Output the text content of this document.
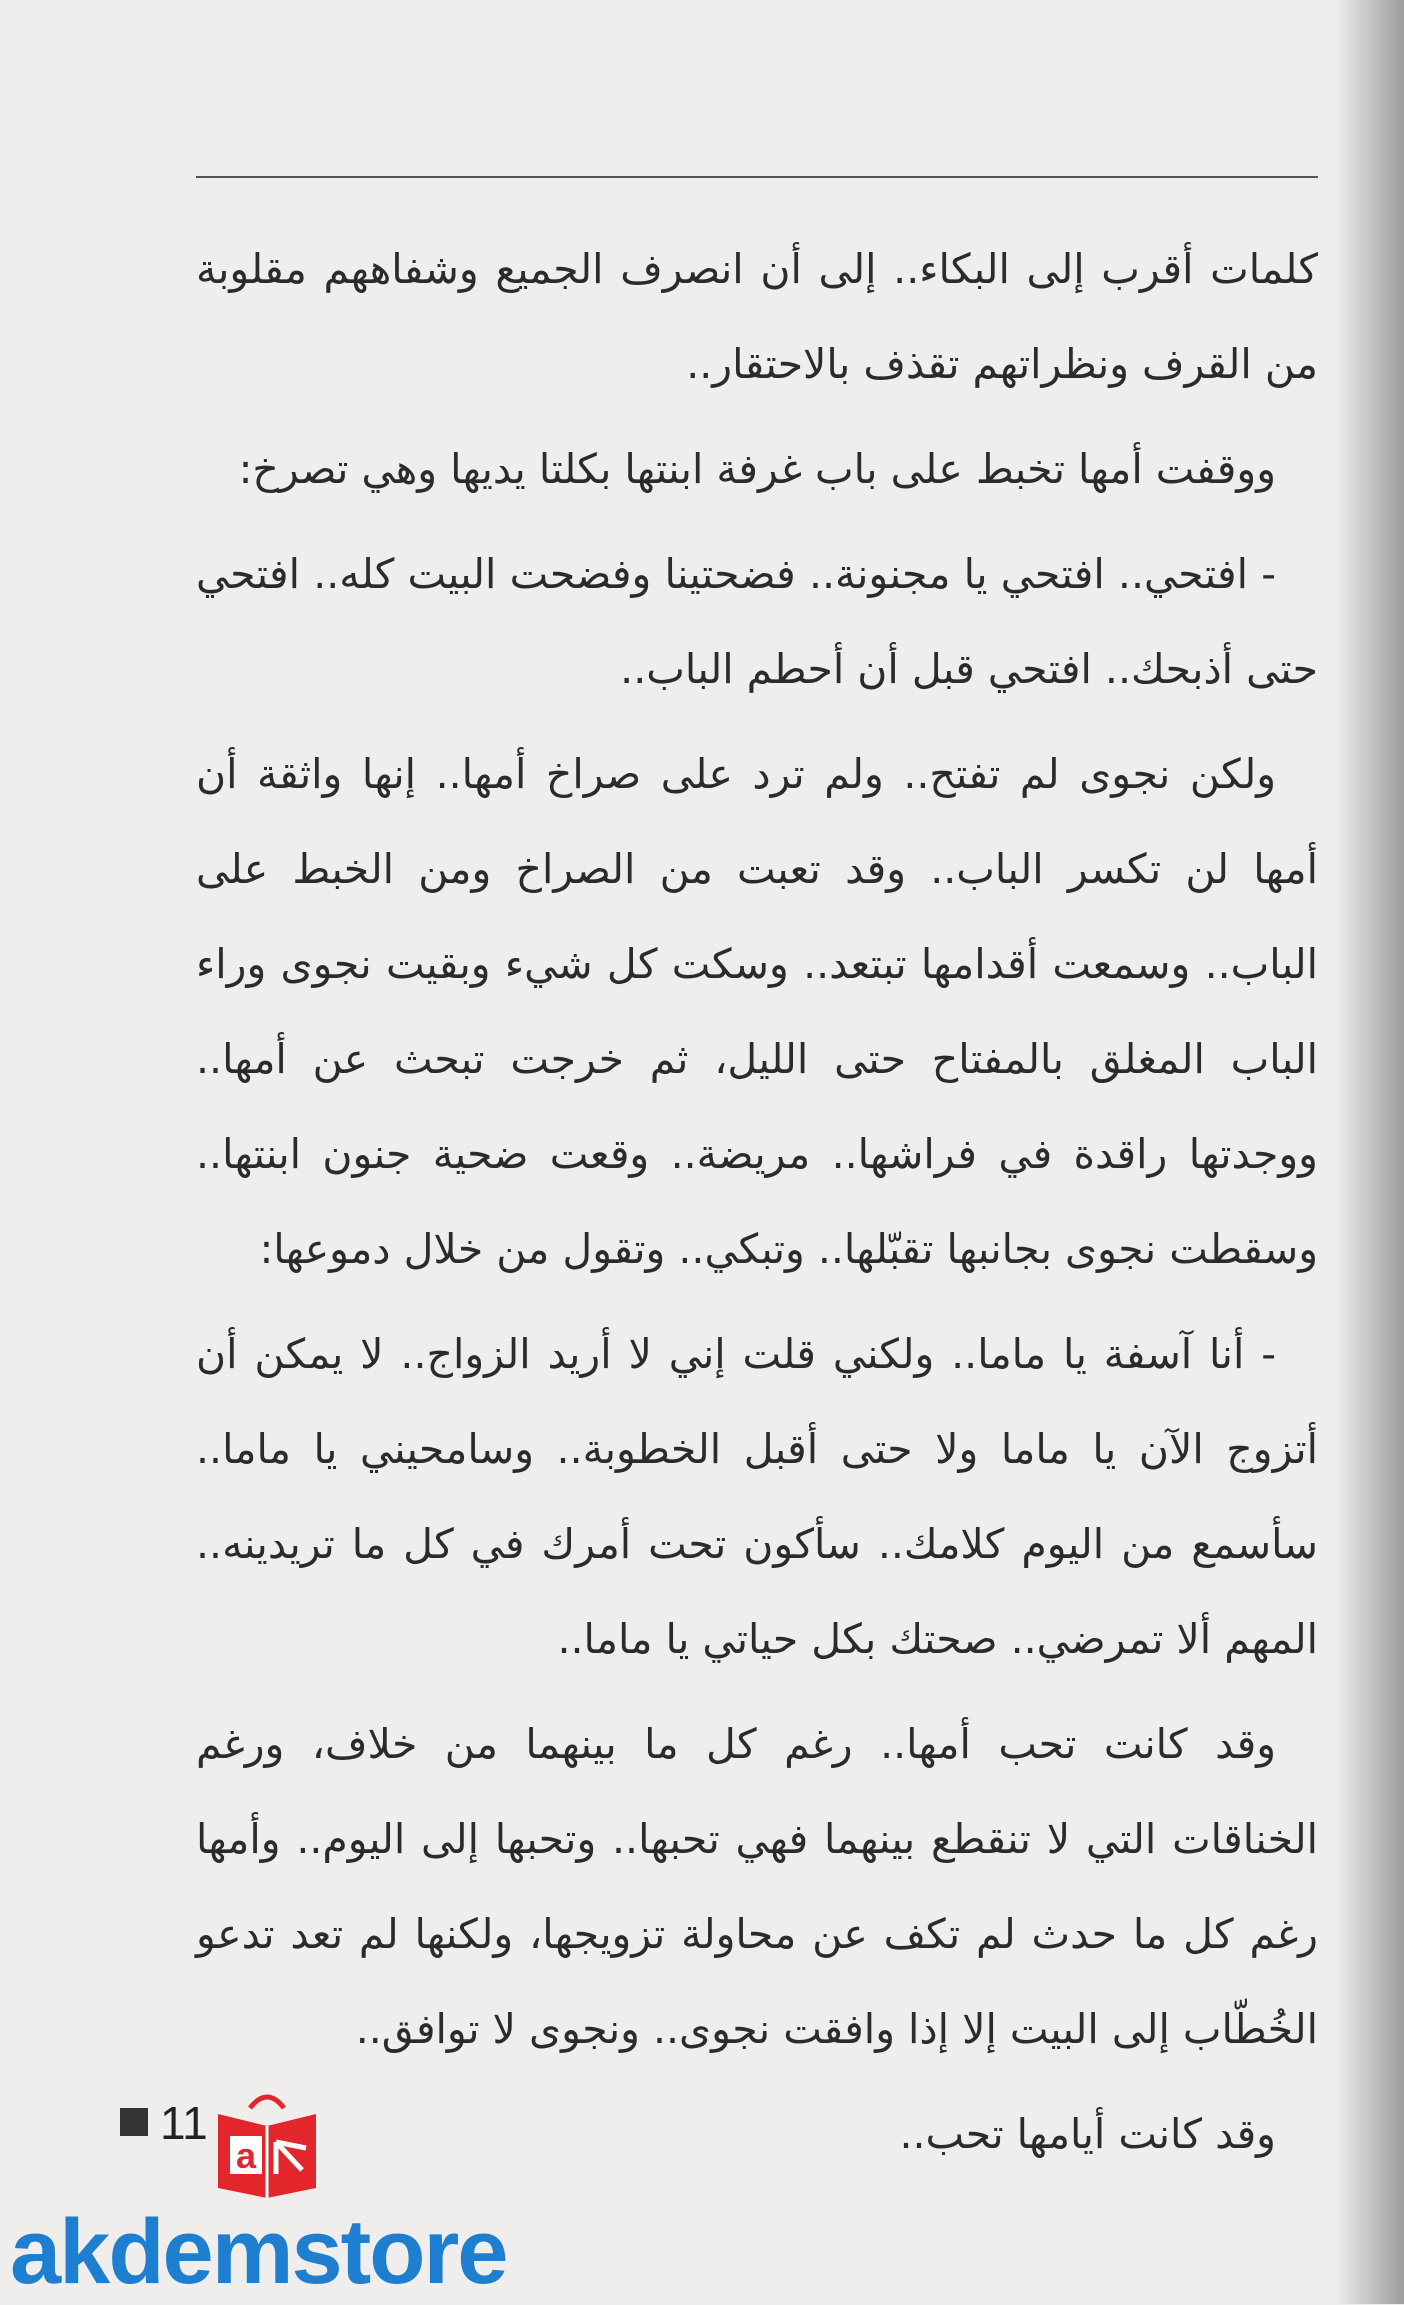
كلمات أقرب إلى البكاء.. إلى أن انصرف الجميع وشفاههم مقلوبة من القرف ونظراتهم تقذف بالاحتقار..

ووقفت أمها تخبط على باب غرفة ابنتها بكلتا يديها وهي تصرخ:

- افتحي.. افتحي يا مجنونة.. فضحتينا وفضحت البيت كله.. افتحي حتى أذبحك.. افتحي قبل أن أحطم الباب..

ولكن نجوى لم تفتح.. ولم ترد على صراخ أمها.. إنها واثقة أن أمها لن تكسر الباب.. وقد تعبت من الصراخ ومن الخبط على الباب.. وسمعت أقدامها تبتعد.. وسكت كل شيء وبقيت نجوى وراء الباب المغلق بالمفتاح حتى الليل، ثم خرجت تبحث عن أمها.. ووجدتها راقدة في فراشها.. مريضة.. وقعت ضحية جنون ابنتها.. وسقطت نجوى بجانبها تقبّلها.. وتبكي.. وتقول من خلال دموعها:

- أنا آسفة يا ماما.. ولكني قلت إني لا أريد الزواج.. لا يمكن أن أتزوج الآن يا ماما ولا حتى أقبل الخطوبة.. وسامحيني يا ماما.. سأسمع من اليوم كلامك.. سأكون تحت أمرك في كل ما تريدينه.. المهم ألا تمرضي.. صحتك بكل حياتي يا ماما..

وقد كانت تحب أمها.. رغم كل ما بينهما من خلاف، ورغم الخناقات التي لا تنقطع بينهما فهي تحبها.. وتحبها إلى اليوم.. وأمها رغم كل ما حدث لم تكف عن محاولة تزويجها، ولكنها لم تعد تدعو الخُطّاب إلى البيت إلا إذا وافقت نجوى.. ونجوى لا توافق..

وقد كانت أيامها تحب..

11
a
akdemstore
